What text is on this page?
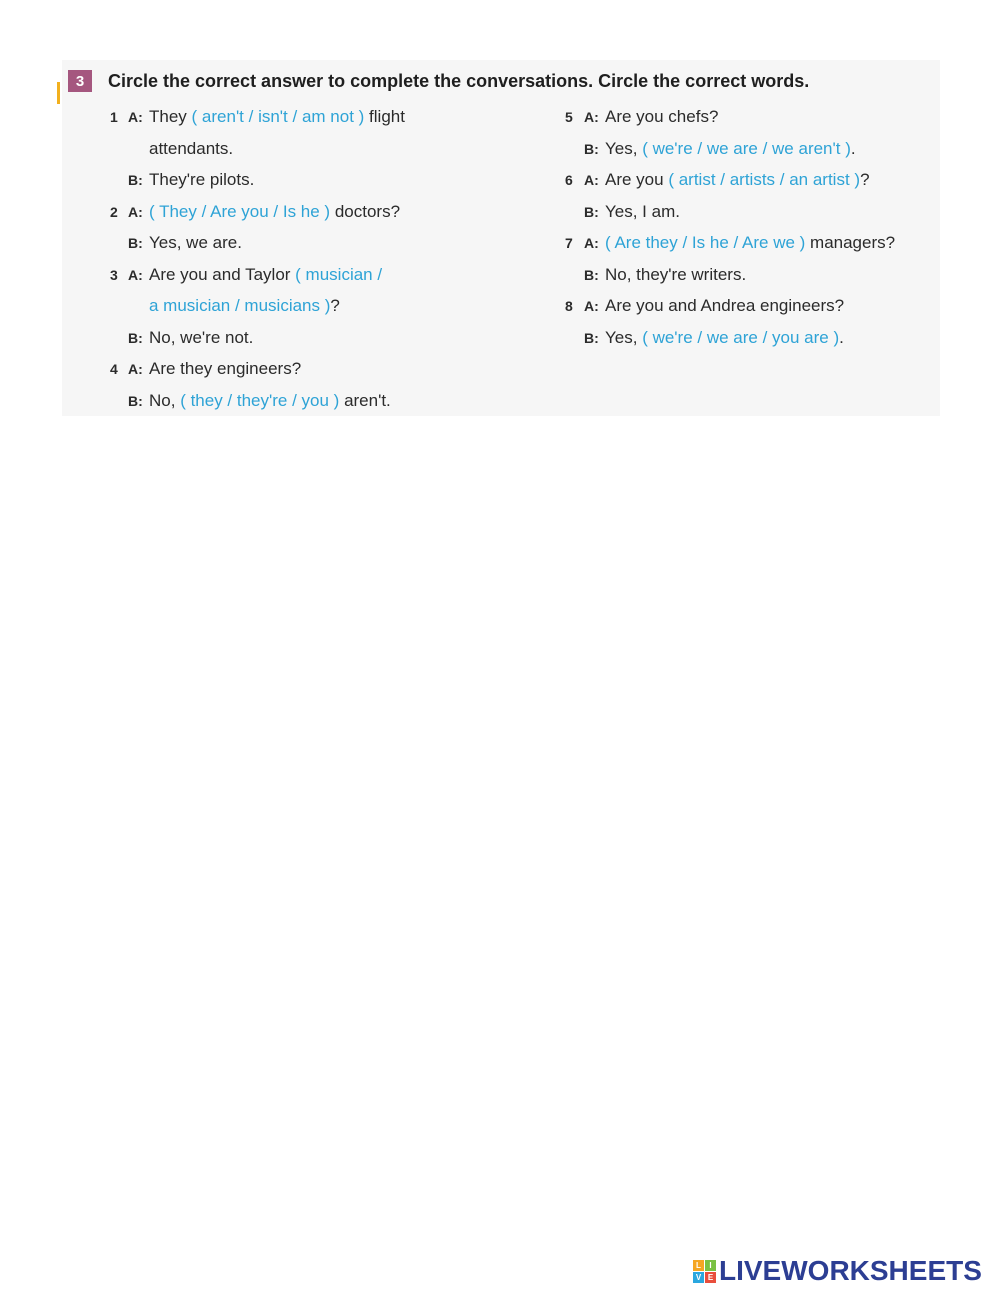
3	Circle the correct answer to complete the conversations. Circle the correct words.
1 A: They ( aren't / isn't / am not ) flight
attendants.
B: They're pilots.
2 A: ( They / Are you / Is he ) doctors?
B: Yes, we are.
3 A: Are you and Taylor ( musician /
a musician / musicians )?
B: No, we're not.
4 A: Are they engineers?
B: No, ( they / they're / you ) aren't.
5 A: Are you chefs?
B: Yes, ( we're / we are / we aren't ).
6 A: Are you ( artist / artists / an artist )?
B: Yes, I am.
7 A: ( Are they / Is he / Are we ) managers?
B: No, they're writers.
8 A: Are you and Andrea engineers?
B: Yes, ( we're / we are / you are ).
L	I
V E LIVEWORKSHEETS
